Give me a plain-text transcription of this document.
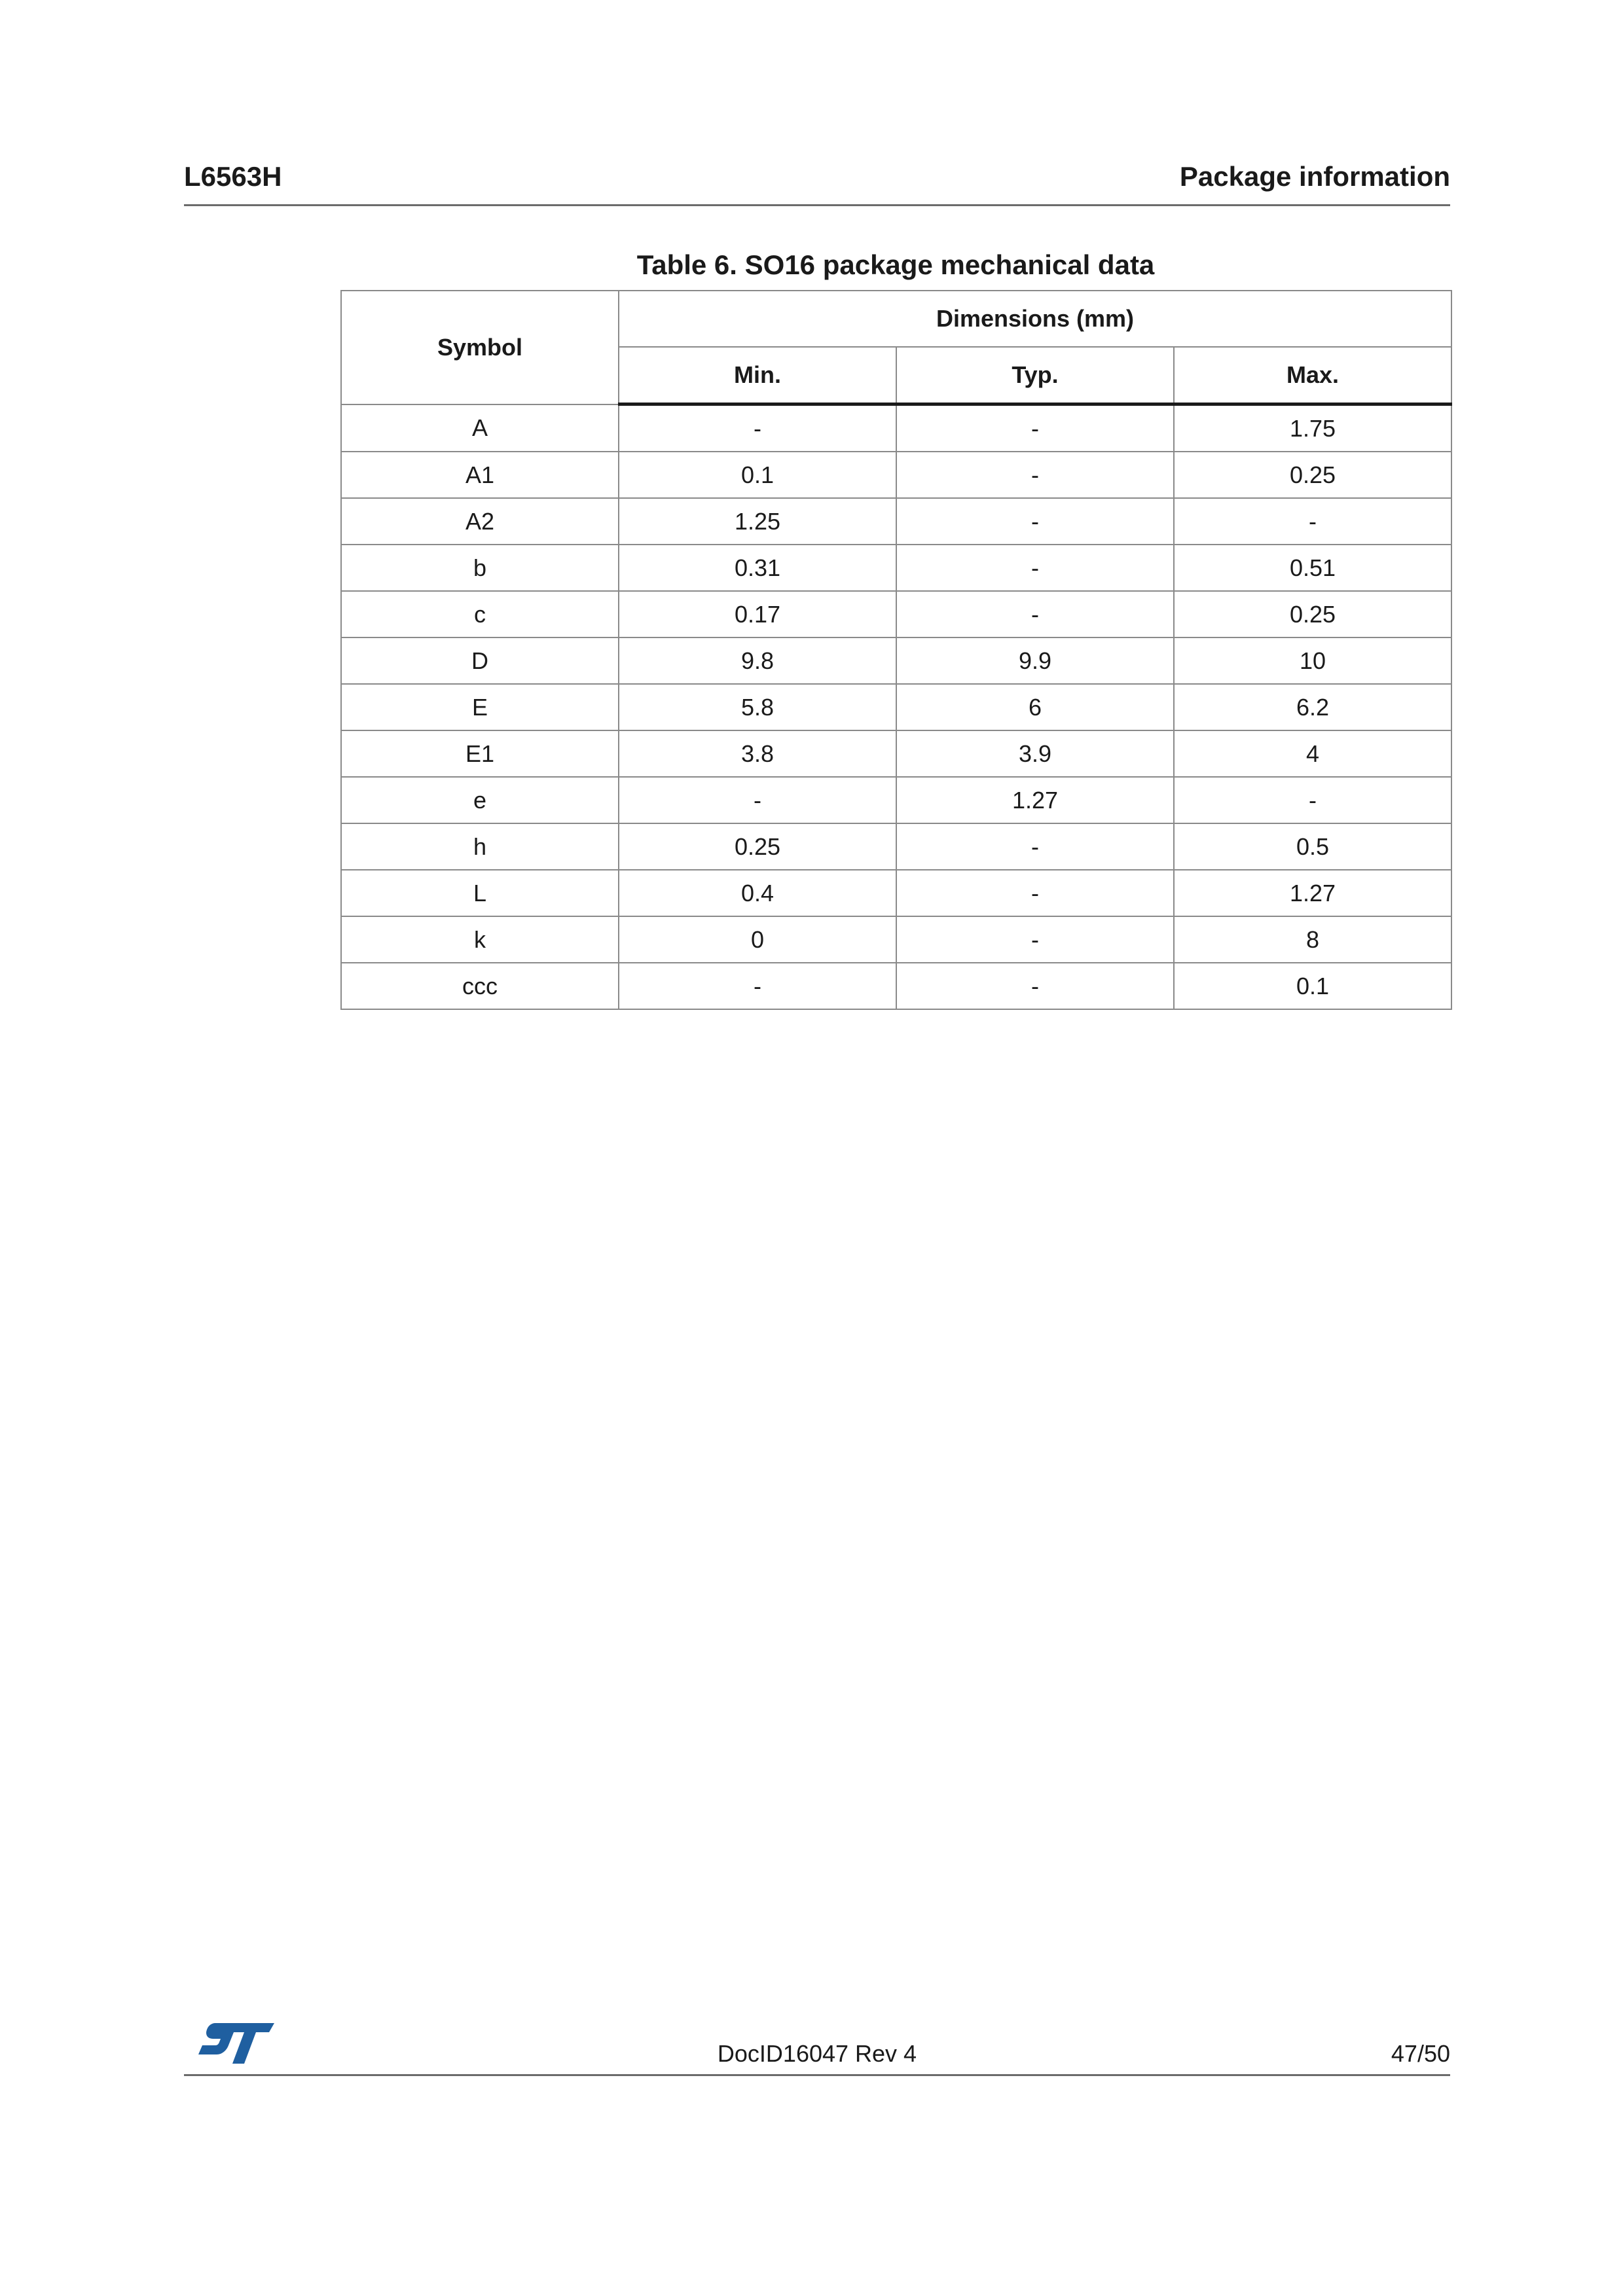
L6563H	Package information
Table 6. SO16 package mechanical data
Symbol	Dimensions (mm)		
	Min.	Typ.	Max.
A	-	-	1.75
A1	0.1	-	0.25
A2	1.25	-	-
b	0.31	-	0.51
c	0.17	-	0.25
D	9.8	9.9	10
E	5.8	6	6.2
E1	3.8	3.9	4
e	-	1.27	-
h	0.25	-	0.5
L	0.4	-	1.27
k	0	-	8
ccc	-	-	0.1
DocID16047 Rev 4	47/50
